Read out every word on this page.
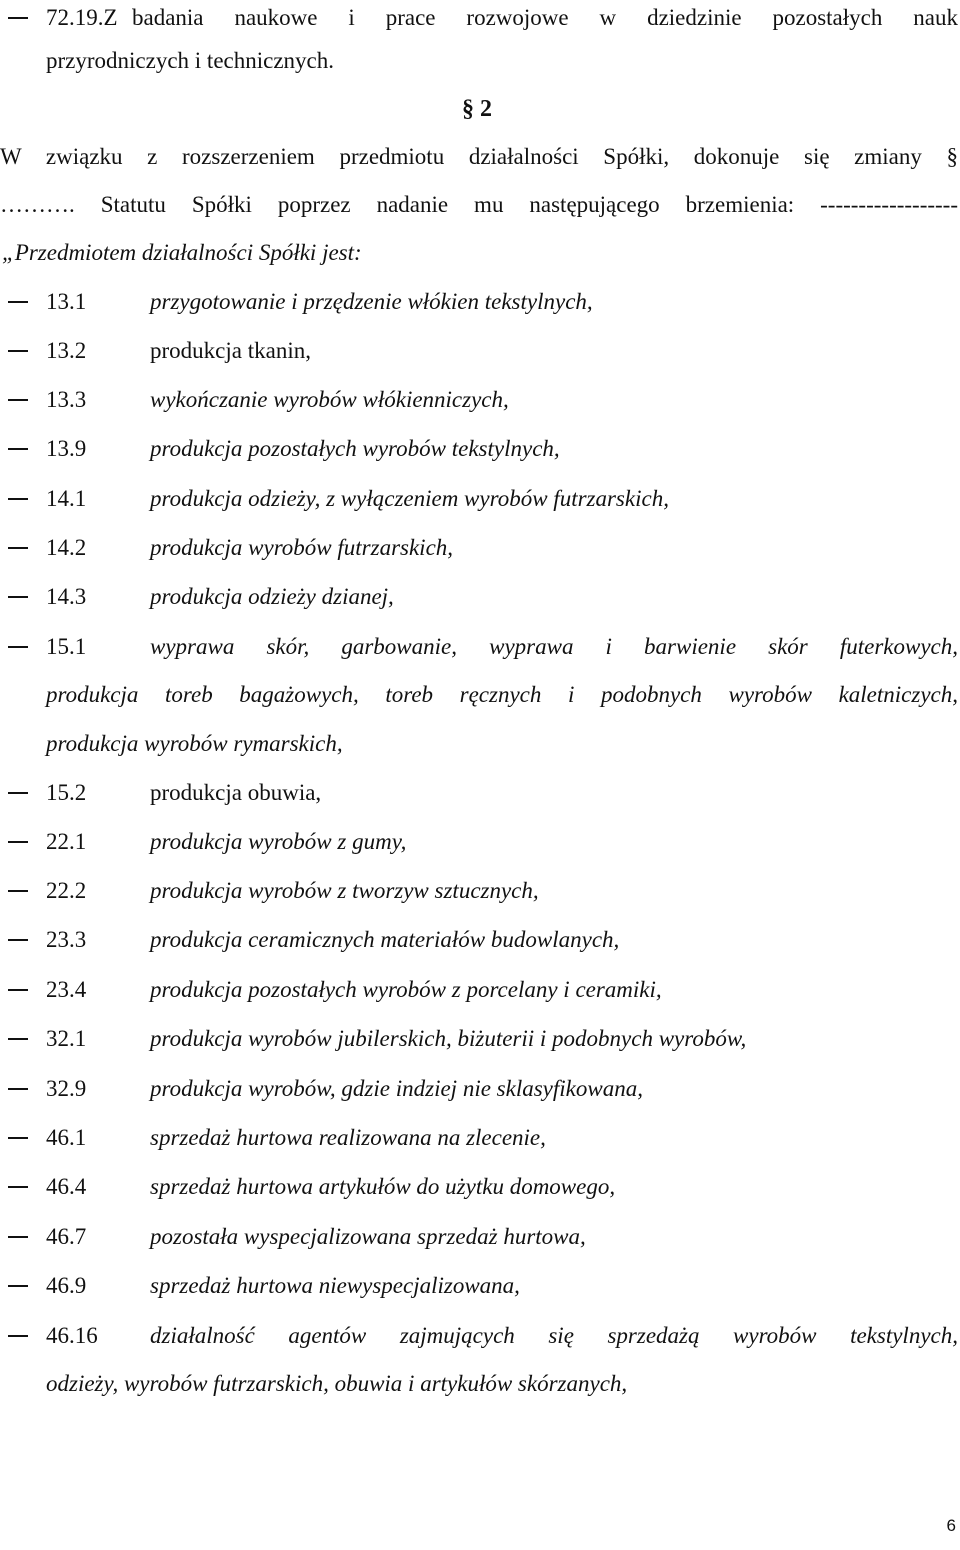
72.19.Z badania naukowe i prace rozwojowe w dziedzinie pozostałych nauk
przyrodniczych i technicznych.
§ 2
W związku z rozszerzeniem przedmiotu działalności Spółki, dokonuje się zmiany §
………. Statutu Spółki poprzez nadanie mu następującego brzemienia: ------------------
„Przedmiotem działalności Spółki jest:
13.1	przygotowanie i przędzenie włókien tekstylnych,
13.2	produkcja tkanin,
13.3	wykończanie wyrobów włókienniczych,
13.9	produkcja pozostałych wyrobów tekstylnych,
14.1	produkcja odzieży, z wyłączeniem wyrobów futrzarskich,
14.2	produkcja wyrobów futrzarskich,
14.3	produkcja odzieży dzianej,
15.1	wyprawa skór, garbowanie, wyprawa i barwienie skór futerkowych,
produkcja toreb bagażowych, toreb ręcznych i podobnych wyrobów kaletniczych,
produkcja wyrobów rymarskich,
15.2	produkcja obuwia,
22.1	produkcja wyrobów z gumy,
22.2	produkcja wyrobów z tworzyw sztucznych,
23.3	produkcja ceramicznych materiałów budowlanych,
23.4	produkcja pozostałych wyrobów z porcelany i ceramiki,
32.1	produkcja wyrobów jubilerskich, biżuterii i podobnych wyrobów,
32.9	produkcja wyrobów, gdzie indziej nie sklasyfikowana,
46.1	sprzedaż hurtowa realizowana na zlecenie,
46.4	sprzedaż hurtowa artykułów do użytku domowego,
46.7	pozostała wyspecjalizowana sprzedaż hurtowa,
46.9	sprzedaż hurtowa niewyspecjalizowana,
46.16 działalność agentów zajmujących się sprzedażą wyrobów tekstylnych,
odzieży, wyrobów futrzarskich, obuwia i artykułów skórzanych,
6
